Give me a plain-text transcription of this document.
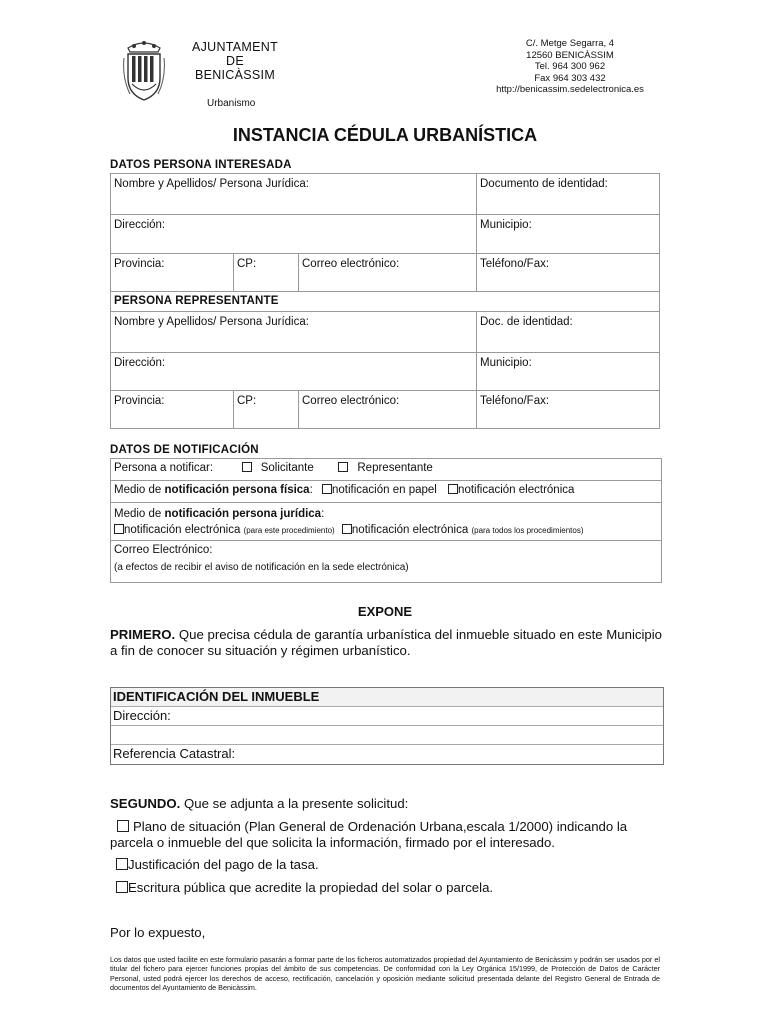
AJUNTAMENT
DE
BENICÀSSIM
Urbanismo
C/. Metge Segarra, 4
12560 BENICÀSSIM
Tel. 964 300 962
Fax 964 303 432
http://benicassim.sedelectronica.es
INSTANCIA CÉDULA URBANÍSTICA
DATOS PERSONA INTERESADA
Nombre y Apellidos/ Persona Jurídica:			Documento de identidad:
Dirección:			Municipio:
Provincia:	CP:	Correo electrónico:	Teléfono/Fax:
PERSONA REPRESENTANTE			
Nombre y Apellidos/ Persona Jurídica:			Doc. de identidad:
Dirección:			Municipio:
Provincia:	CP:	Correo electrónico:	Teléfono/Fax:
DATOS DE NOTIFICACIÓN
Persona a notificar:	Solicitante	Representante
Medio de notificación persona física: notificación en papel notificación electrónica
Medio de notificación persona jurídica:
notificación electrónica (para este procedimiento) notificación electrónica (para todos los procedimientos)
Correo Electrónico:
(a efectos de recibir el aviso de notificación en la sede electrónica)
EXPONE
PRIMERO. Que precisa cédula de garantía urbanística del inmueble situado en este Municipio a fin de conocer su situación y régimen urbanístico.
IDENTIFICACIÓN DEL INMUEBLE
Dirección:
Referencia Catastral:
SEGUNDO. Que se adjunta a la presente solicitud:
Plano de situación (Plan General de Ordenación Urbana,escala 1/2000) indicando la parcela o inmueble del que solicita la información, firmado por el interesado.
Justificación del pago de la tasa.
Escritura pública que acredite la propiedad del solar o parcela.
Por lo expuesto,
Los datos que usted facilite en este formulario pasarán a formar parte de los ficheros automatizados propiedad del Ayuntamiento de Benicàssim y podrán ser usados por el titular del fichero para ejercer funciones propias del ámbito de sus competencias. De conformidad con la Ley Orgánica 15/1999, de Protección de Datos de Carácter Personal, usted podrá ejercer los derechos de acceso, rectificación, cancelación y oposición mediante solicitud presentada delante del Registro General de Entrada de documentos del Ayuntamiento de Benicàssim.
